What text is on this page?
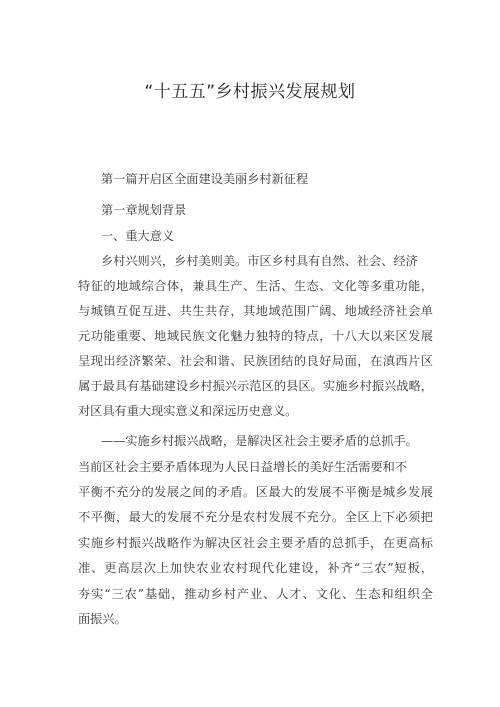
“十五五”乡村振兴发展规划
第一篇开启区全面建设美丽乡村新征程
第一章规划背景
一、重大意义
乡村兴则兴，乡村美则美。市区乡村具有自然、社会、经济
特征的地域综合体，兼具生产、生活、生态、文化等多重功能，
与城镇互促互进、共生共存，其地域范围广阔、地域经济社会单
元功能重要、地域民族文化魅力独特的特点，十八大以来区发展
呈现出经济繁荣、社会和谐、民族团结的良好局面，在滇西片区
属于最具有基础建设乡村振兴示范区的县区。实施乡村振兴战略，
对区具有重大现实意义和深远历史意义。
——实施乡村振兴战略，是解决区社会主要矛盾的总抓手。
当前区社会主要矛盾体现为人民日益增长的美好生活需要和不
平衡不充分的发展之间的矛盾。区最大的发展不平衡是城乡发展
不平衡，最大的发展不充分是农村发展不充分。全区上下必须把
实施乡村振兴战略作为解决区社会主要矛盾的总抓手，在更高标
准、更高层次上加快农业农村现代化建设，补齐“三农”短板，
夯实“三农”基础，推动乡村产业、人才、文化、生态和组织全
面振兴。
